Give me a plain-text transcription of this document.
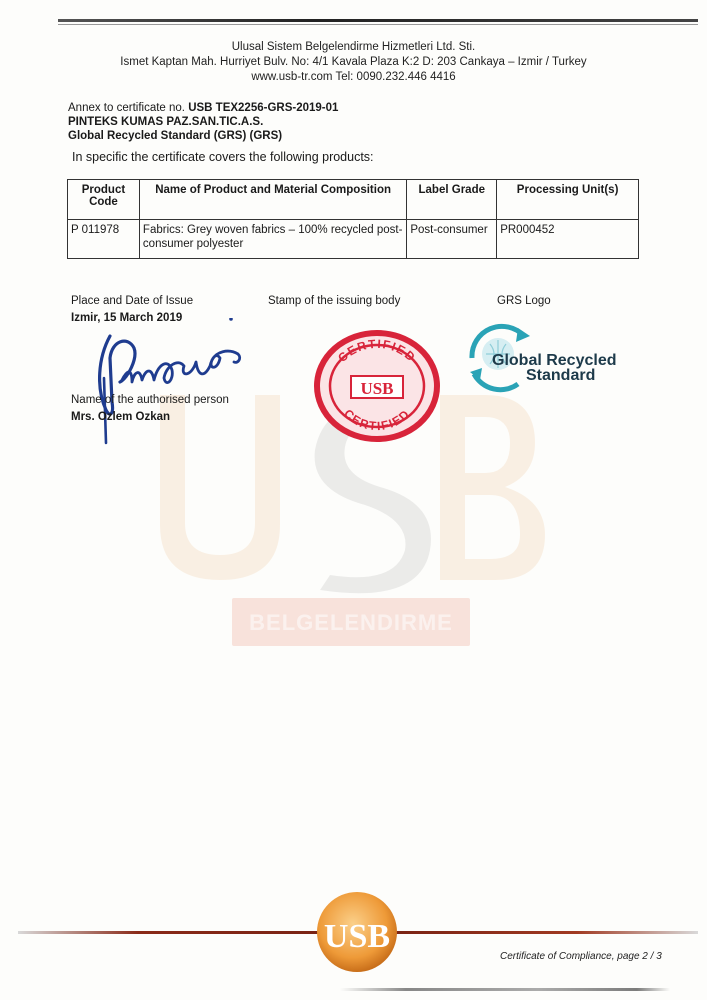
Ulusal Sistem Belgelendirme Hizmetleri Ltd. Sti.
Ismet Kaptan Mah. Hurriyet Bulv. No: 4/1 Kavala Plaza K:2 D: 203 Cankaya – Izmir / Turkey
www.usb-tr.com Tel: 0090.232.446 4416
BELGELENDIRME
Annex to certificate no. USB TEX2256-GRS-2019-01
PINTEKS KUMAS PAZ.SAN.TIC.A.S.
Global Recycled Standard (GRS) (GRS)
In specific the certificate covers the following products:
Product Code	Name of Product and Material Composition	Label Grade	Processing Unit(s)
P 011978	Fabrics: Grey woven fabrics – 100% recycled post-consumer polyester	Post-consumer	PR000452
Place and Date of Issue
Izmir, 15 March 2019
Stamp of the issuing body
CERTIFIED
CERTIFIED
USB
GRS Logo
Global Recycled
Standard
Name of the authorised person
Mrs. Ozlem Ozkan
USB
Certificate of Compliance, page 2 / 3
